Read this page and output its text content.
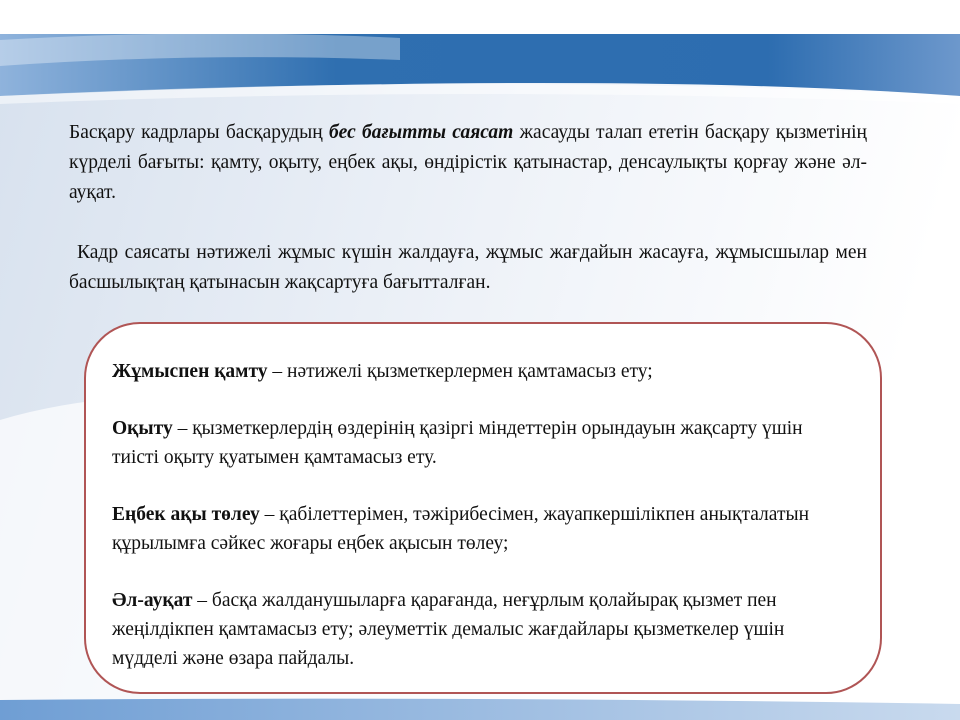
Басқару кадрлары басқарудың бес бағытты саясат жасауды талап ететін басқару қызметінің күрделі бағыты: қамту, оқыту, еңбек ақы, өндірістік қатынастар, денсаулықты қорғау және әл-ауқат.

Кадр саясаты нәтижелі жұмыс күшін жалдауға, жұмыс жағдайын жасауға, жұмысшылар мен басшылықтаң қатынасын жақсартуға бағытталған.

Жұмыспен қамту – нәтижелі қызметкерлермен қамтамасыз ету;

Оқыту – қызметкерлердің өздерінің қазіргі міндеттерін орындауын жақсарту үшін тиісті оқыту қуатымен қамтамасыз ету.

Еңбек ақы төлеу – қабілеттерімен, тәжірибесімен, жауапкершілікпен анықталатын құрылымға сәйкес жоғары еңбек ақысын төлеу;

Әл-ауқат – басқа жалданушыларға қарағанда, неғұрлым қолайырақ қызмет пен жеңілдікпен қамтамасыз ету; әлеуметтік демалыс жағдайлары қызметкелер үшін мүдделі және өзара пайдалы.
